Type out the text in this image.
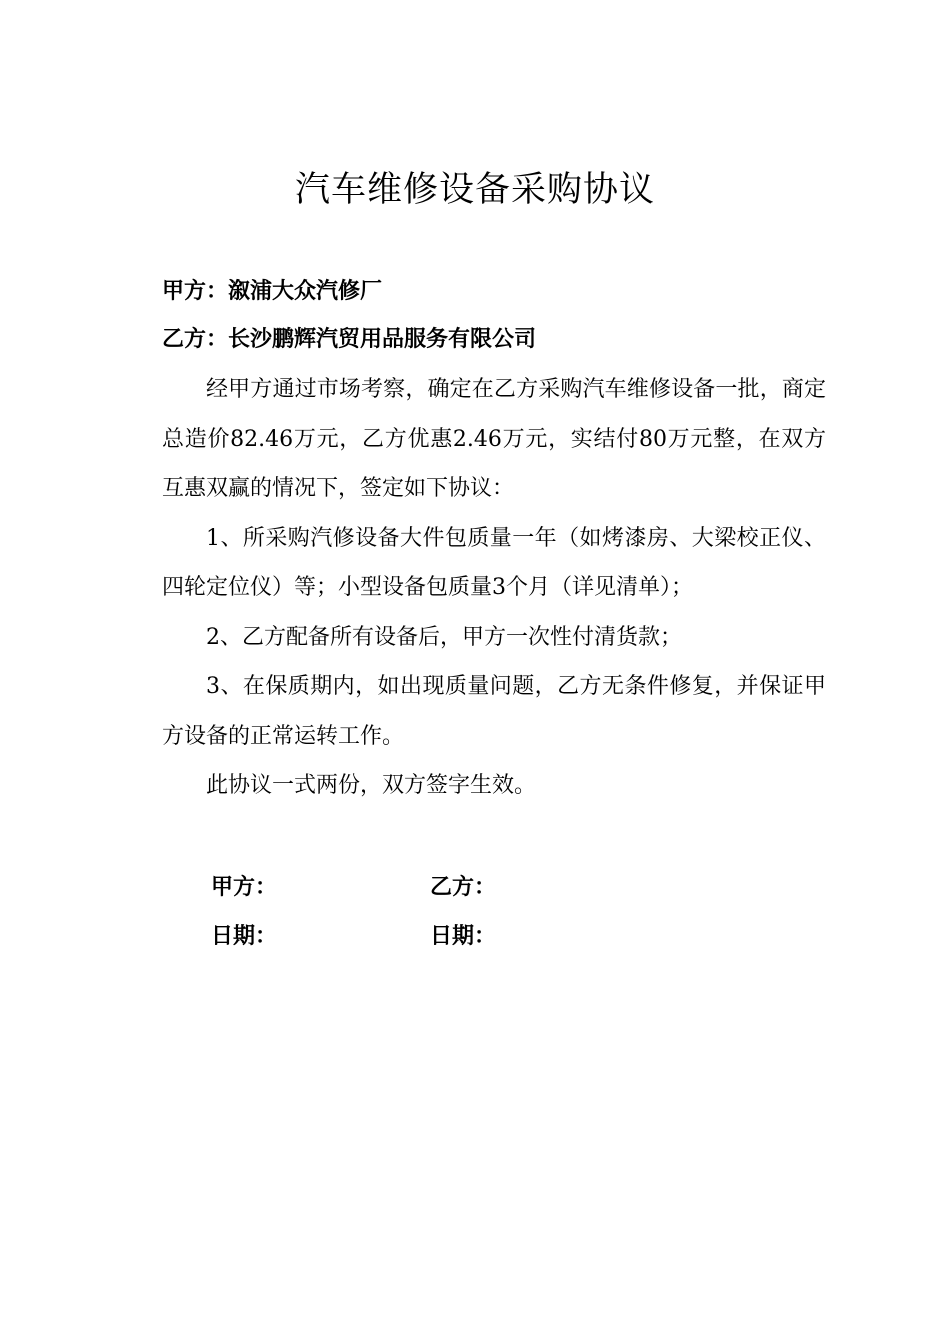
汽车维修设备采购协议
甲方：溆浦大众汽修厂
乙方：长沙鹏辉汽贸用品服务有限公司

经甲方通过市场考察，确定在乙方采购汽车维修设备一批，商定总造价82.46万元，乙方优惠2.46万元，实结付80万元整，在双方互惠双赢的情况下，签定如下协议：

1、所采购汽修设备大件包质量一年（如烤漆房、大梁校正仪、四轮定位仪）等；小型设备包质量3个月（详见清单）；

2、乙方配备所有设备后，甲方一次性付清货款；

3、在保质期内，如出现质量问题，乙方无条件修复，并保证甲方设备的正常运转工作。

此协议一式两份，双方签字生效。

甲方：	乙方：
日期：	日期：
